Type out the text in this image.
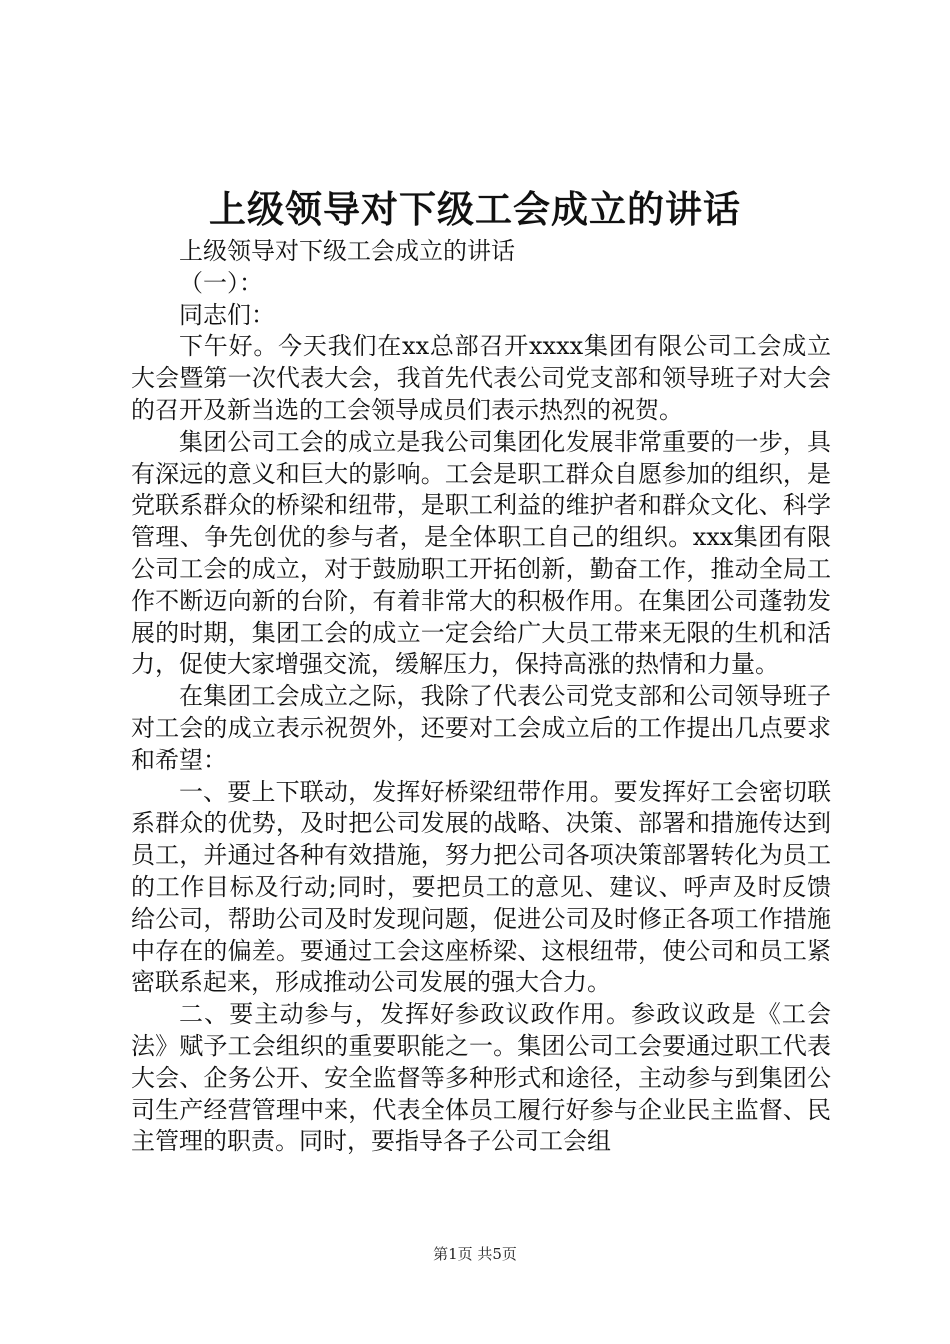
上级领导对下级工会成立的讲话

上级领导对下级工会成立的讲话

（一）：

同志们：

下午好。今天我们在xx总部召开xxxx集团有限公司工会成立大会暨第一次代表大会，我首先代表公司党支部和领导班子对大会的召开及新当选的工会领导成员们表示热烈的祝贺。

集团公司工会的成立是我公司集团化发展非常重要的一步，具有深远的意义和巨大的影响。工会是职工群众自愿参加的组织，是党联系群众的桥梁和纽带，是职工利益的维护者和群众文化、科学管理、争先创优的参与者，是全体职工自己的组织。xxx集团有限公司工会的成立，对于鼓励职工开拓创新，勤奋工作，推动全局工作不断迈向新的台阶，有着非常大的积极作用。在集团公司蓬勃发展的时期，集团工会的成立一定会给广大员工带来无限的生机和活力，促使大家增强交流，缓解压力，保持高涨的热情和力量。

在集团工会成立之际，我除了代表公司党支部和公司领导班子对工会的成立表示祝贺外，还要对工会成立后的工作提出几点要求和希望：

一、要上下联动，发挥好桥梁纽带作用。要发挥好工会密切联系群众的优势，及时把公司发展的战略、决策、部署和措施传达到员工，并通过各种有效措施，努力把公司各项决策部署转化为员工的工作目标及行动;同时，要把员工的意见、建议、呼声及时反馈给公司，帮助公司及时发现问题，促进公司及时修正各项工作措施中存在的偏差。要通过工会这座桥梁、这根纽带，使公司和员工紧密联系起来，形成推动公司发展的强大合力。

二、要主动参与，发挥好参政议政作用。参政议政是《工会法》赋予工会组织的重要职能之一。集团公司工会要通过职工代表大会、企务公开、安全监督等多种形式和途径，主动参与到集团公司生产经营管理中来，代表全体员工履行好参与企业民主监督、民主管理的职责。同时，要指导各子公司工会组

第1页 共5页
